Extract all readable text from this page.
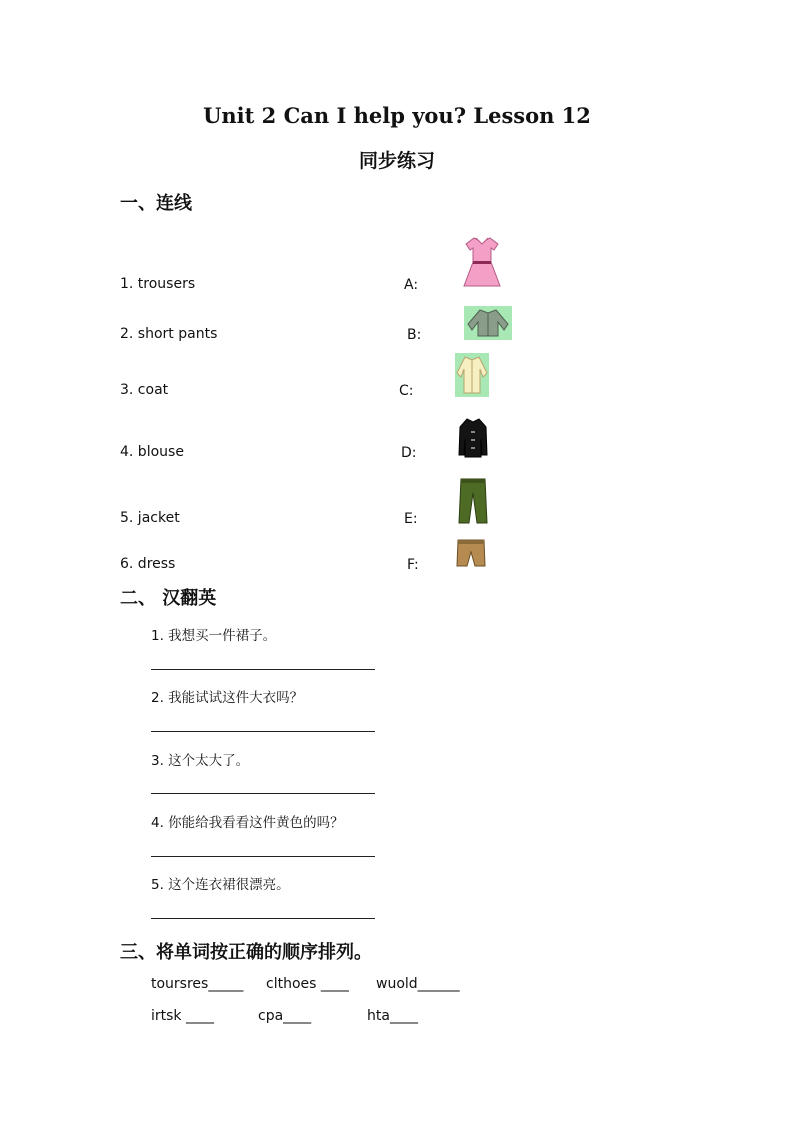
Unit 2 Can I help you? Lesson 12
同步练习
一、连线
1. trousers
2. short pants
3. coat
4. blouse
5. jacket
6. dress
A:
B:
C:
D:
E:
F:
二、 汉翻英
1. 我想买一件裙子。
2. 我能试试这件大衣吗？
3. 这个太大了。
4. 你能给我看看这件黄色的吗？
5. 这个连衣裙很漂亮。
三、将单词按正确的顺序排列。
toursres_____ clthoes ____ wuold______
irtsk ____	cpa____	hta____
